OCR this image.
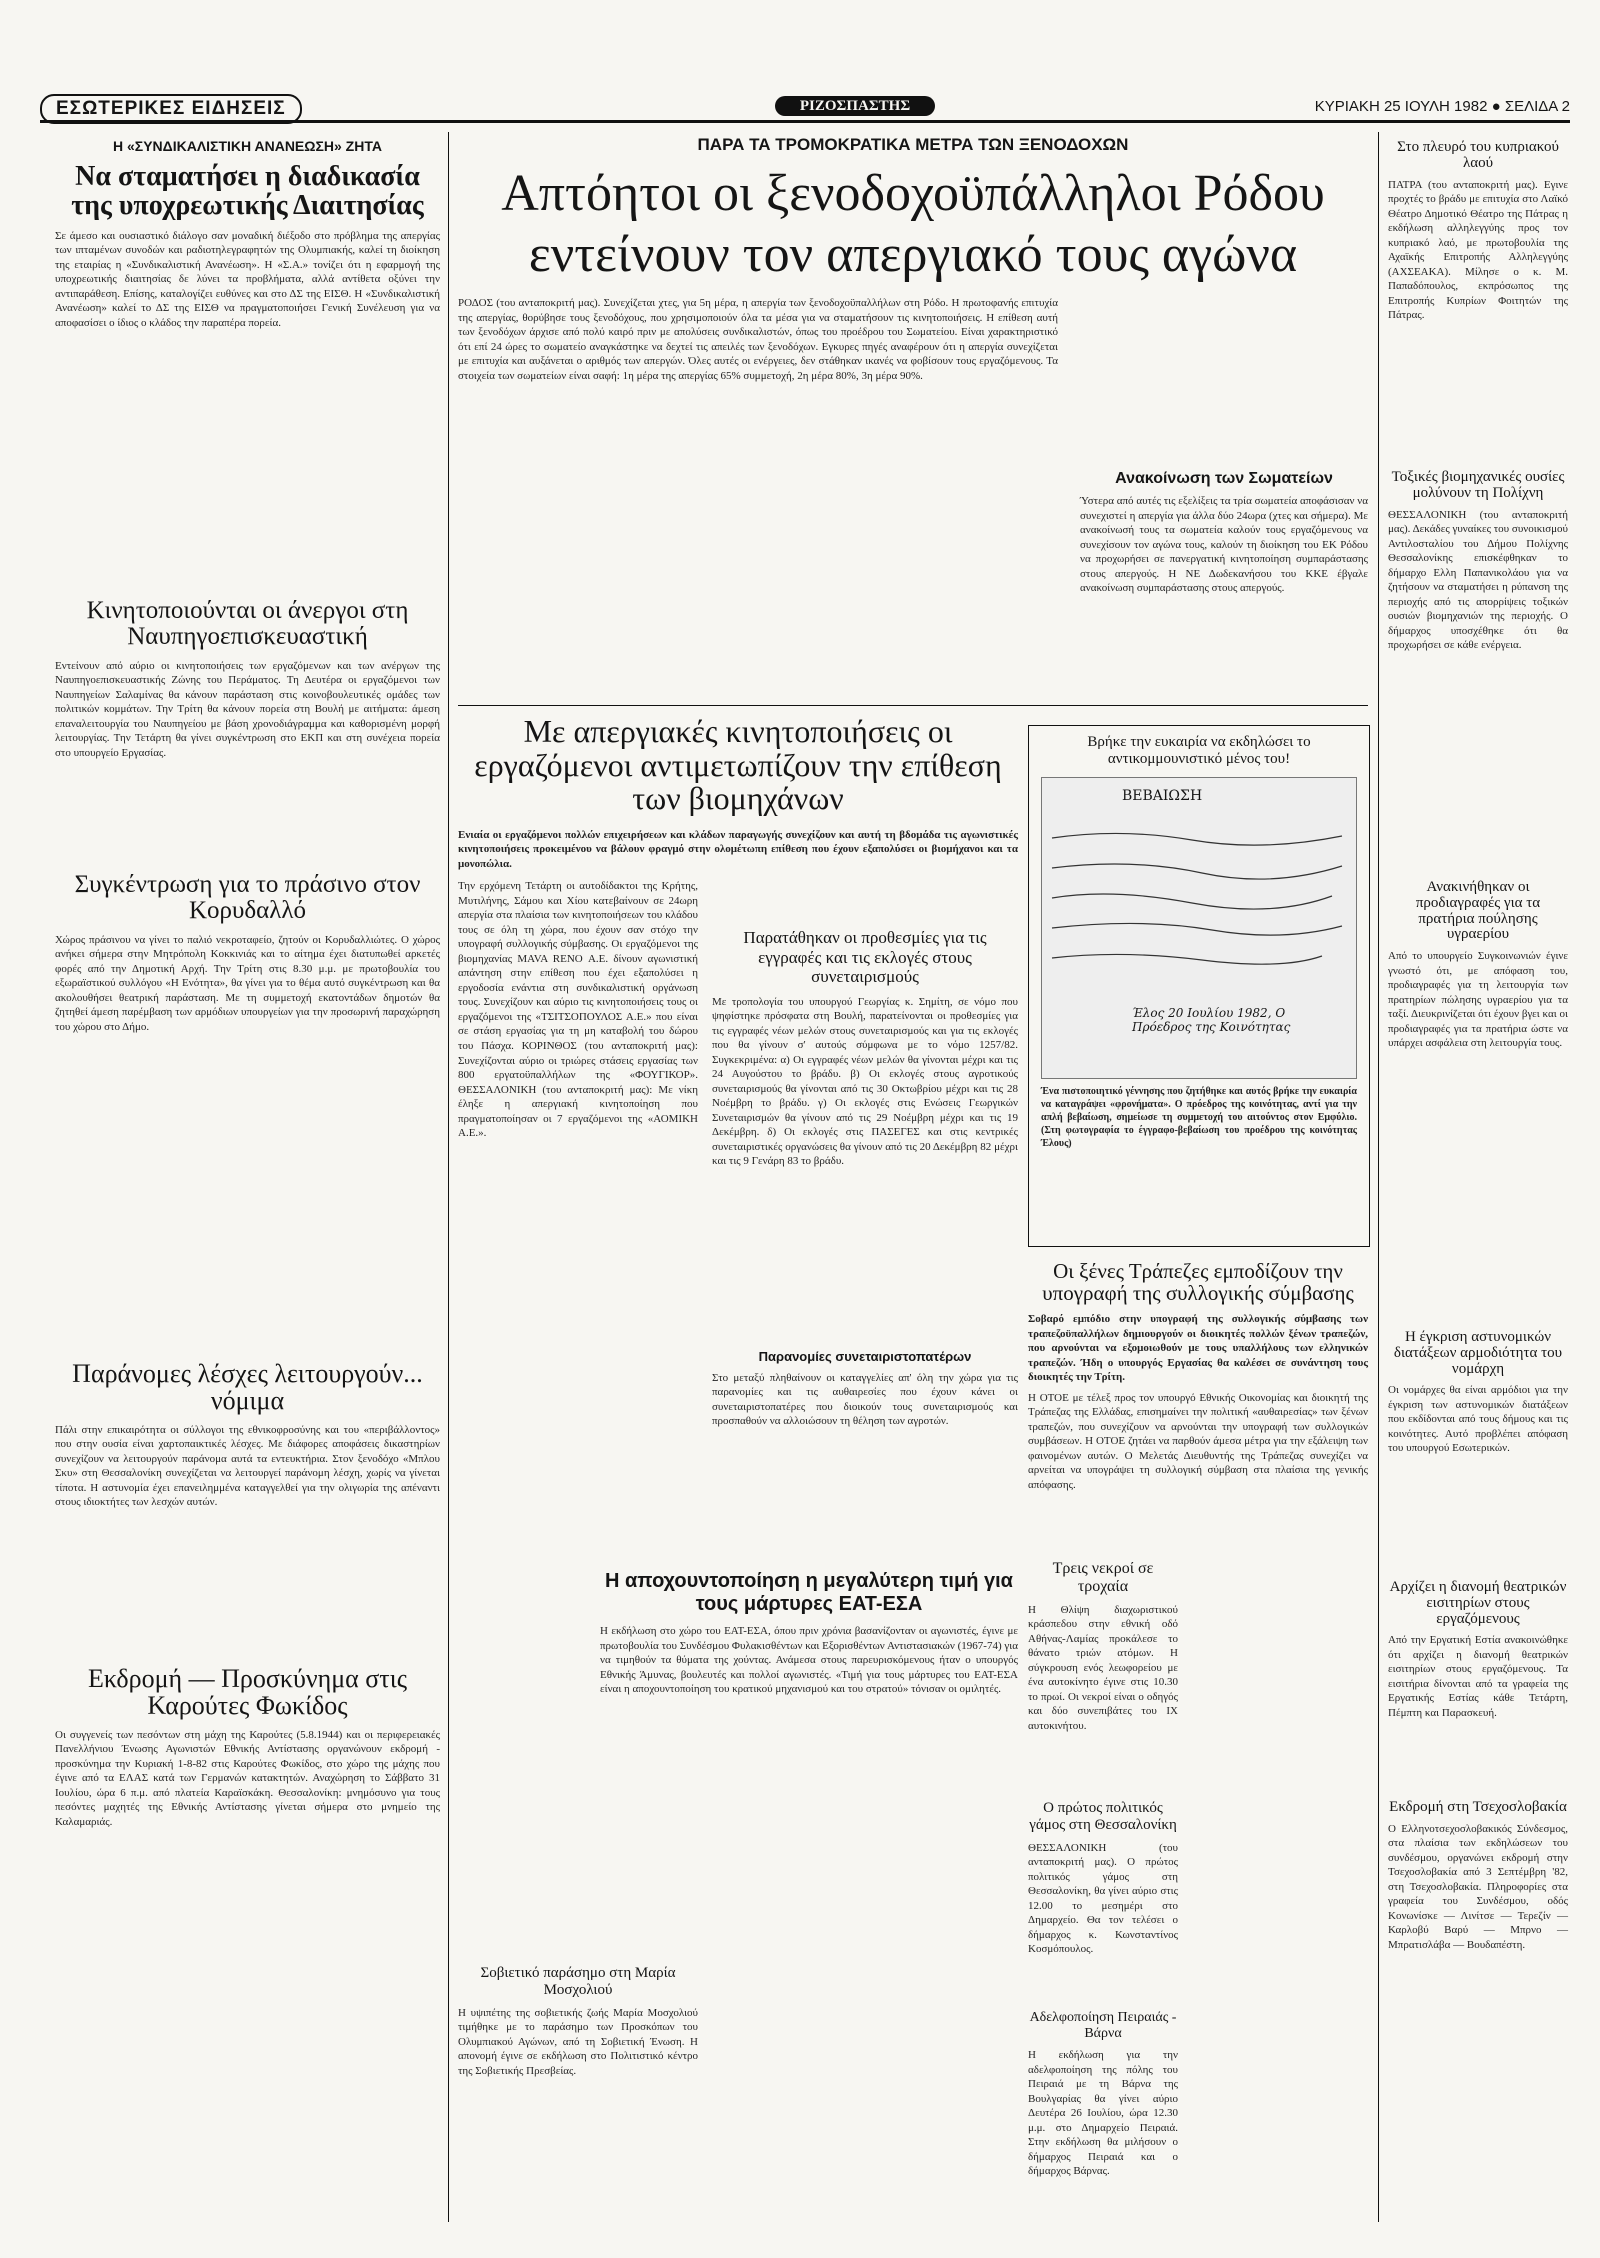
ΕΣΩΤΕΡΙΚΕΣ ΕΙΔΗΣΕΙΣ	ΡΙΖΟΣΠΑΣΤΗΣ	ΚΥΡΙΑΚΗ 25 ΙΟΥΛΗ 1982 ● ΣΕΛΙΔΑ 2
Η «ΣΥΝΔΙΚΑΛΙΣΤΙΚΗ ΑΝΑΝΕΩΣΗ» ΖΗΤΑ
Να σταματήσει η διαδικασία της υποχρεωτικής Διαιτησίας
Σε άμεσο και ουσιαστικό διάλογο σαν μοναδική διέξοδο στο πρόβλημα της απεργίας των ιπταμένων συνοδών και ραδιοτηλεγραφητών της Ολυμπιακής, καλεί τη διοίκηση της εταιρίας η «Συνδικαλιστική Ανανέωση». Η «Σ.Α.» τονίζει ότι η εφαρμογή της υποχρεωτικής διαιτησίας δε λύνει τα προβλήματα, αλλά αντίθετα οξύνει την αντιπαράθεση. Επίσης, καταλογίζει ευθύνες και στο ΔΣ της ΕΙΣΘ. Η «Συνδικαλιστική Ανανέωση» καλεί το ΔΣ της ΕΙΣΘ να πραγματοποιήσει Γενική Συνέλευση για να αποφασίσει ο ίδιος ο κλάδος την παραπέρα πορεία.
Κινητοποιούνται οι άνεργοι στη Ναυπηγοεπισκευαστική
Εντείνουν από αύριο οι κινητοποιήσεις των εργαζόμενων και των ανέργων της Ναυπηγοεπισκευαστικής Ζώνης του Περάματος. Τη Δευτέρα οι εργαζόμενοι των Ναυπηγείων Σαλαμίνας θα κάνουν παράσταση στις κοινοβουλευτικές ομάδες των πολιτικών κομμάτων. Την Τρίτη θα κάνουν πορεία στη Βουλή με αιτήματα: άμεση επαναλειτουργία του Ναυπηγείου με βάση χρονοδιάγραμμα και καθορισμένη μορφή λειτουργίας. Την Τετάρτη θα γίνει συγκέντρωση στο ΕΚΠ και στη συνέχεια πορεία στο υπουργείο Εργασίας.
Συγκέντρωση για το πράσινο στον Κορυδαλλό
Χώρος πράσινου να γίνει το παλιό νεκροταφείο, ζητούν οι Κορυδαλλιώτες. Ο χώρος ανήκει σήμερα στην Μητρόπολη Κοκκινιάς και το αίτημα έχει διατυπωθεί αρκετές φορές από την Δημοτική Αρχή. Την Τρίτη στις 8.30 μ.μ. με πρωτοβουλία του εξωραϊστικού συλλόγου «Η Ενότητα», θα γίνει για το θέμα αυτό συγκέντρωση και θα ακολουθήσει θεατρική παράσταση. Με τη συμμετοχή εκατοντάδων δημοτών θα ζητηθεί άμεση παρέμβαση των αρμόδιων υπουργείων για την προσωρινή παραχώρηση του χώρου στο Δήμο.
Παράνομες λέσχες λειτουργούν... νόμιμα
Πάλι στην επικαιρότητα οι σύλλογοι της εθνικοφροσύνης και του «περιβάλλοντος» που στην ουσία είναι χαρτοπαικτικές λέσχες. Με διάφορες αποφάσεις δικαστηρίων συνεχίζουν να λειτουργούν παράνομα αυτά τα εντευκτήρια. Στον ξενοδόχο «Μπλου Σκυ» στη Θεσσαλονίκη συνεχίζεται να λειτουργεί παράνομη λέσχη, χωρίς να γίνεται τίποτα. Η αστυνομία έχει επανειλημμένα καταγγελθεί για την ολιγωρία της απέναντι στους ιδιοκτήτες των λεσχών αυτών.
Εκδρομή — Προσκύνημα στις Καρούτες Φωκίδος
Οι συγγενείς των πεσόντων στη μάχη της Καρούτες (5.8.1944) και οι περιφερειακές Πανελλήνιου Ένωσης Αγωνιστών Εθνικής Αντίστασης οργανώνουν εκδρομή - προσκύνημα την Κυριακή 1-8-82 στις Καρούτες Φωκίδος, στο χώρο της μάχης που έγινε από τα ΕΛΑΣ κατά των Γερμανών κατακτητών. Αναχώρηση το Σάββατο 31 Ιουλίου, ώρα 6 π.μ. από πλατεία Καραϊσκάκη. Θεσσαλονίκη: μνημόσυνο για τους πεσόντες μαχητές της Εθνικής Αντίστασης γίνεται σήμερα στο μνημείο της Καλαμαριάς.
ΠΑΡΑ ΤΑ ΤΡΟΜΟΚΡΑΤΙΚΑ ΜΕΤΡΑ ΤΩΝ ΞΕΝΟΔΟΧΩΝ
Απτόητοι οι ξενοδοχοϋπάλληλοι Ρόδου
εντείνουν τον απεργιακό τους αγώνα
ΡΟΔΟΣ (του ανταποκριτή μας). Συνεχίζεται χτες, για 5η μέρα, η απεργία των ξενοδοχοϋπαλλήλων στη Ρόδο. Η πρωτοφανής επιτυχία της απεργίας, θορύβησε τους ξενοδόχους, που χρησιμοποιούν όλα τα μέσα για να σταματήσουν τις κινητοποιήσεις. Η επίθεση αυτή των ξενοδόχων άρχισε από πολύ καιρό πριν με απολύσεις συνδικαλιστών, όπως του προέδρου του Σωματείου. Είναι χαρακτηριστικό ότι επί 24 ώρες το σωματείο αναγκάστηκε να δεχτεί τις απειλές των ξενοδόχων. Εγκυρες πηγές αναφέρουν ότι η απεργία συνεχίζεται με επιτυχία και αυξάνεται ο αριθμός των απεργών. Όλες αυτές οι ενέργειες, δεν στάθηκαν ικανές να φοβίσουν τους εργαζόμενους. Τα στοιχεία των σωματείων είναι σαφή: 1η μέρα της απεργίας 65% συμμετοχή, 2η μέρα 80%, 3η μέρα 90%.
Ανακοίνωση των Σωματείων
Ύστερα από αυτές τις εξελίξεις τα τρία σωματεία αποφάσισαν να συνεχιστεί η απεργία για άλλα δύο 24ωρα (χτες και σήμερα). Με ανακοίνωσή τους τα σωματεία καλούν τους εργαζόμενους να συνεχίσουν τον αγώνα τους, καλούν τη διοίκηση του ΕΚ Ρόδου να προχωρήσει σε πανεργατική κινητοποίηση συμπαράστασης στους απεργούς. Η ΝΕ Δωδεκανήσου του ΚΚΕ έβγαλε ανακοίνωση συμπαράστασης στους απεργούς.
Με απεργιακές κινητοποιήσεις οι εργαζόμενοι αντιμετωπίζουν την επίθεση των βιομηχάνων
Ενιαία οι εργαζόμενοι πολλών επιχειρήσεων και κλάδων παραγωγής συνεχίζουν και αυτή τη βδομάδα τις αγωνιστικές κινητοποιήσεις προκειμένου να βάλουν φραγμό στην ολομέτωπη επίθεση που έχουν εξαπολύσει οι βιομήχανοι και τα μονοπώλια.
Την ερχόμενη Τετάρτη οι αυτοδίδακτοι της Κρήτης, Μυτιλήνης, Σάμου και Χίου κατεβαίνουν σε 24ωρη απεργία στα πλαίσια των κινητοποιήσεων του κλάδου τους σε όλη τη χώρα, που έχουν σαν στόχο την υπογραφή συλλογικής σύμβασης. Οι εργαζόμενοι της βιομηχανίας MAVA RENO Α.Ε. δίνουν αγωνιστική απάντηση στην επίθεση που έχει εξαπολύσει η εργοδοσία ενάντια στη συνδικαλιστική οργάνωση τους. Συνεχίζουν και αύριο τις κινητοποιήσεις τους οι εργαζόμενοι της «ΤΣΙΤΣΟΠΟΥΛΟΣ Α.Ε.» που είναι σε στάση εργασίας για τη μη καταβολή του δώρου του Πάσχα. ΚΟΡΙΝΘΟΣ (του ανταποκριτή μας): Συνεχίζονται αύριο οι τριώρες στάσεις εργασίας των 800 εργατοϋπαλλήλων της «ΦΟΥΓΙΚΟΡ». ΘΕΣΣΑΛΟΝΙΚΗ (του ανταποκριτή μας): Με νίκη έληξε η απεργιακή κινητοποίηση που πραγματοποίησαν οι 7 εργαζόμενοι της «ΑΟΜΙΚΗ Α.Ε.».
Παρατάθηκαν οι προθεσμίες για τις εγγραφές και τις εκλογές στους συνεταιρισμούς
Με τροπολογία του υπουργού Γεωργίας κ. Σημίτη, σε νόμο που ψηφίστηκε πρόσφατα στη Βουλή, παρατείνονται οι προθεσμίες για τις εγγραφές νέων μελών στους συνεταιρισμούς και για τις εκλογές που θα γίνουν σ' αυτούς σύμφωνα με το νόμο 1257/82. Συγκεκριμένα: α) Οι εγγραφές νέων μελών θα γίνονται μέχρι και τις 24 Αυγούστου το βράδυ. β) Οι εκλογές στους αγροτικούς συνεταιρισμούς θα γίνονται από τις 30 Οκτωβρίου μέχρι και τις 28 Νοέμβρη το βράδυ. γ) Οι εκλογές στις Ενώσεις Γεωργικών Συνεταιρισμών θα γίνουν από τις 29 Νοέμβρη μέχρι και τις 19 Δεκέμβρη. δ) Οι εκλογές στις ΠΑΣΕΓΕΣ και στις κεντρικές συνεταιριστικές οργανώσεις θα γίνουν από τις 20 Δεκέμβρη 82 μέχρι και τις 9 Γενάρη 83 το βράδυ.
Παρανομίες συνεταιριστοπατέρων
Στο μεταξύ πληθαίνουν οι καταγγελίες απ' όλη την χώρα για τις παρανομίες και τις αυθαιρεσίες που έχουν κάνει οι συνεταιριστοπατέρες που διοικούν τους συνεταιρισμούς και προσπαθούν να αλλοιώσουν τη θέληση των αγροτών.
Η αποχουντοποίηση η μεγαλύτερη τιμή για τους μάρτυρες ΕΑΤ-ΕΣΑ
Η εκδήλωση στο χώρο του ΕΑΤ-ΕΣΑ, όπου πριν χρόνια βασανίζονταν οι αγωνιστές, έγινε με πρωτοβουλία του Συνδέσμου Φυλακισθέντων και Εξορισθέντων Αντιστασιακών (1967-74) για να τιμηθούν τα θύματα της χούντας. Ανάμεσα στους παρευρισκόμενους ήταν ο υπουργός Εθνικής Άμυνας, βουλευτές και πολλοί αγωνιστές. «Τιμή για τους μάρτυρες του ΕΑΤ-ΕΣΑ είναι η αποχουντοποίηση του κρατικού μηχανισμού και του στρατού» τόνισαν οι ομιλητές.
Σοβιετικό παράσημο στη Μαρία Μοσχολιού
Η υψιπέτης της σοβιετικής ζωής Μαρία Μοσχολιού τιμήθηκε με το παράσημο των Προσκόπων του Ολυμπιακού Αγώνων, από τη Σοβιετική Ένωση. Η απονομή έγινε σε εκδήλωση στο Πολιτιστικό κέντρο της Σοβιετικής Πρεσβείας.
Βρήκε την ευκαιρία να εκδηλώσει το αντικομμουνιστικό μένος του!
ΒΕΒΑΙΩΣΗ
Έλος 20 Ιουλίου 1982, Ο Πρόεδρος της Κοινότητας
Ένα πιστοποιητικό γέννησης που ζητήθηκε και αυτός βρήκε την ευκαιρία να καταγράψει «φρονήματα». Ο πρόεδρος της κοινότητας, αντί για την απλή βεβαίωση, σημείωσε τη συμμετοχή του αιτούντος στον Εμφύλιο. (Στη φωτογραφία το έγγραφο-βεβαίωση του προέδρου της κοινότητας Έλους)
Οι ξένες Τράπεζες εμποδίζουν την υπογραφή της συλλογικής σύμβασης
Σοβαρό εμπόδιο στην υπογραφή της συλλογικής σύμβασης των τραπεζοϋπαλλήλων δημιουργούν οι διοικητές πολλών ξένων τραπεζών, που αρνούνται να εξομοιωθούν με τους υπαλλήλους των ελληνικών τραπεζών. Ήδη ο υπουργός Εργασίας θα καλέσει σε συνάντηση τους διοικητές την Τρίτη.
Η ΟΤΟΕ με τέλεξ προς τον υπουργό Εθνικής Οικονομίας και διοικητή της Τράπεζας της Ελλάδας, επισημαίνει την πολιτική «αυθαιρεσίας» των ξένων τραπεζών, που συνεχίζουν να αρνούνται την υπογραφή των συλλογικών συμβάσεων. Η ΟΤΟΕ ζητάει να παρθούν άμεσα μέτρα για την εξάλειψη των φαινομένων αυτών. Ο Μελετάς Διευθυντής της Τράπεζας συνεχίζει να αρνείται να υπογράψει τη συλλογική σύμβαση στα πλαίσια της γενικής απόφασης.
Τρεις νεκροί σε τροχαία
Η Θλίψη διαχωριστικού κράσπεδου στην εθνική οδό Αθήνας-Λαμίας προκάλεσε το θάνατο τριών ατόμων. Η σύγκρουση ενός λεωφορείου με ένα αυτοκίνητο έγινε στις 10.30 το πρωί. Οι νεκροί είναι ο οδηγός και δύο συνεπιβάτες του ΙΧ αυτοκινήτου.
Ο πρώτος πολιτικός γάμος στη Θεσσαλονίκη
ΘΕΣΣΑΛΟΝΙΚΗ (του ανταποκριτή μας). Ο πρώτος πολιτικός γάμος στη Θεσσαλονίκη, θα γίνει αύριο στις 12.00 το μεσημέρι στο Δημαρχείο. Θα τον τελέσει ο δήμαρχος κ. Κωνσταντίνος Κοσμόπουλος.
Αδελφοποίηση Πειραιάς - Βάρνα
Η εκδήλωση για την αδελφοποίηση της πόλης του Πειραιά με τη Βάρνα της Βουλγαρίας θα γίνει αύριο Δευτέρα 26 Ιουλίου, ώρα 12.30 μ.μ. στο Δημαρχείο Πειραιά. Στην εκδήλωση θα μιλήσουν ο δήμαρχος Πειραιά και ο δήμαρχος Βάρνας.
Στο πλευρό του κυπριακού λαού
ΠΑΤΡΑ (του ανταποκριτή μας). Εγινε προχτές το βράδυ με επιτυχία στο Λαϊκό Θέατρο Δημοτικό Θέατρο της Πάτρας η εκδήλωση αλληλεγγύης προς τον κυπριακό λαό, με πρωτοβουλία της Αχαϊκής Επιτροπής Αλληλεγγύης (ΑΧΣΕΑΚΑ). Μίλησε ο κ. Μ. Παπαδόπουλος, εκπρόσωπος της Επιτροπής Κυπρίων Φοιτητών της Πάτρας.
Τοξικές βιομηχανικές ουσίες μολύνουν τη Πολίχνη
ΘΕΣΣΑΛΟΝΙΚΗ (του ανταποκριτή μας). Δεκάδες γυναίκες του συνοικισμού Αντιλοσταλίου του Δήμου Πολίχνης Θεσσαλονίκης επισκέφθηκαν το δήμαρχο Ελλη Παπανικολάου για να ζητήσουν να σταματήσει η ρύπανση της περιοχής από τις απορρίψεις τοξικών ουσιών βιομηχανιών της περιοχής. Ο δήμαρχος υποσχέθηκε ότι θα προχωρήσει σε κάθε ενέργεια.
Ανακινήθηκαν οι προδιαγραφές για τα πρατήρια πούλησης υγραερίου
Από το υπουργείο Συγκοινωνιών έγινε γνωστό ότι, με απόφαση του, προδιαγραφές για τη λειτουργία των πρατηρίων πώλησης υγραερίου για τα ταξί. Διευκρινίζεται ότι έχουν βγει και οι προδιαγραφές για τα πρατήρια ώστε να υπάρχει ασφάλεια στη λειτουργία τους.
Η έγκριση αστυνομικών διατάξεων αρμοδιότητα του νομάρχη
Οι νομάρχες θα είναι αρμόδιοι για την έγκριση των αστυνομικών διατάξεων που εκδίδονται από τους δήμους και τις κοινότητες. Αυτό προβλέπει απόφαση του υπουργού Εσωτερικών.
Αρχίζει η διανομή θεατρικών εισιτηρίων στους εργαζόμενους
Από την Εργατική Εστία ανακοινώθηκε ότι αρχίζει η διανομή θεατρικών εισιτηρίων στους εργαζόμενους. Τα εισιτήρια δίνονται από τα γραφεία της Εργατικής Εστίας κάθε Τετάρτη, Πέμπτη και Παρασκευή.
Εκδρομή στη Τσεχοσλοβακία
Ο Ελληνοτσεχοσλοβακικός Σύνδεσμος, στα πλαίσια των εκδηλώσεων του συνδέσμου, οργανώνει εκδρομή στην Τσεχοσλοβακία από 3 Σεπτέμβρη '82, στη Τσεχοσλοβακία. Πληροφορίες στα γραφεία του Συνδέσμου, οδός Κονωνίσκε — Λινίτσε — Τερεζίν — Καρλοβύ Βαρύ — Μπρνο — Μπρατισλάβα — Βουδαπέστη.
